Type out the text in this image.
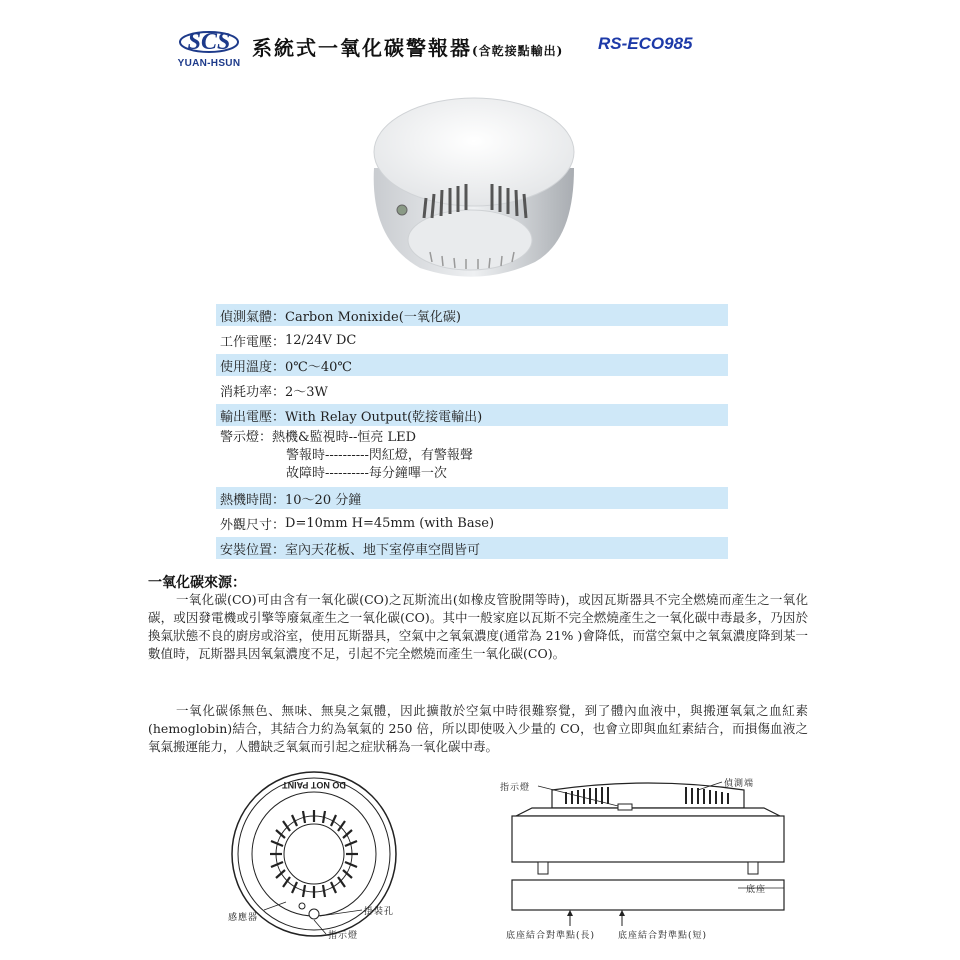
SCS
YUAN-HSUN
系統式一氧化碳警報器(含乾接點輸出) RS-ECO985
偵測氣體： Carbon Monixide(一氧化碳)
工作電壓： 12/24V DC
使用溫度： 0℃～40℃
消耗功率： 2～3W
輸出電壓： With Relay Output(乾接電輸出)
警示燈：熱機&監視時--恒亮 LED
警報時----------閃紅燈，有警報聲
故障時----------每分鐘嗶一次
熱機時間： 10～20 分鐘
外觀尺寸： D=10mm H=45mm (with Base)
安裝位置： 室內天花板、地下室停車空間皆可
一氧化碳來源：
一氧化碳(CO)可由含有一氧化碳(CO)之瓦斯流出(如橡皮管脫開等時)，或因瓦斯器具不完全燃燒而產生之一氧化碳，或因發電機或引擎等廢氣產生之一氧化碳(CO)。其中一般家庭以瓦斯不完全燃燒產生之一氧化碳中毒最多，乃因於換氣狀態不良的廚房或浴室，使用瓦斯器具，空氣中之氧氣濃度(通常為 21% )會降低，而當空氣中之氧氣濃度降到某一數值時，瓦斯器具因氧氣濃度不足，引起不完全燃燒而產生一氧化碳(CO)。
一氧化碳係無色、無味、無臭之氣體，因此擴散於空氣中時很難察覺，到了體內血液中，與搬運氧氣之血紅素(hemoglobin)結合，其結合力約為氧氣的 250 倍，所以即使吸入少量的 CO，也會立即與血紅素結合，而損傷血液之氧氣搬運能力，人體缺乏氧氣而引起之症狀稱為一氧化碳中毒。
DO NOT PAINT
感應器
掛裝孔
指示燈
指示燈	偵測端
底座
底座結合對準點(長)	底座結合對準點(短)
